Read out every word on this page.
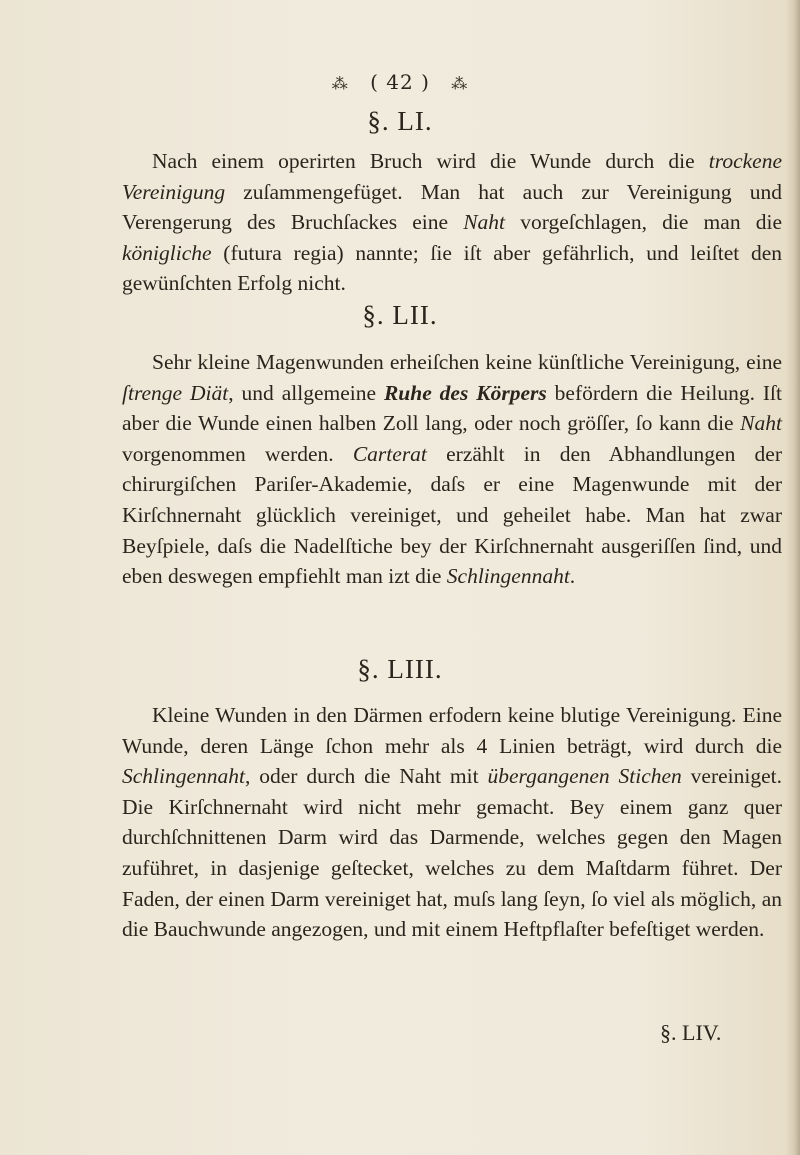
⁂ ( 42 ) ⁂
§. LI.
Nach einem operirten Bruch wird die Wunde durch die trockene Vereinigung zuſammengefüget. Man hat auch zur Vereinigung und Verengerung des Bruchſackes eine Naht vorgeſchlagen, die man die königliche (futura regia) nannte; ſie iſt aber gefährlich, und leiſtet den gewünſchten Erfolg nicht.
§. LII.
Sehr kleine Magenwunden erheiſchen keine künſtliche Vereinigung, eine ſtrenge Diät, und allgemeine Ruhe des Körpers befördern die Heilung. Iſt aber die Wunde einen halben Zoll lang, oder noch gröſſer, ſo kann die Naht vorgenommen werden. Carterat erzählt in den Abhandlungen der chirurgiſchen Pariſer-Akademie, daſs er eine Magenwunde mit der Kirſchnernaht glücklich vereiniget, und geheilet habe. Man hat zwar Beyſpiele, daſs die Nadelſtiche bey der Kirſchnernaht ausgeriſſen ſind, und eben deswegen empfiehlt man izt die Schlingennaht.
§. LIII.
Kleine Wunden in den Därmen erfodern keine blutige Vereinigung. Eine Wunde, deren Länge ſchon mehr als 4 Linien beträgt, wird durch die Schlingennaht, oder durch die Naht mit übergangenen Stichen vereiniget. Die Kirſchnernaht wird nicht mehr gemacht. Bey einem ganz quer durchſchnittenen Darm wird das Darmende, welches gegen den Magen zuführet, in dasjenige geſtecket, welches zu dem Maſtdarm führet. Der Faden, der einen Darm vereiniget hat, muſs lang ſeyn, ſo viel als möglich, an die Bauchwunde angezogen, und mit einem Heftpflaſter befeſtiget werden.
§. LIV.
